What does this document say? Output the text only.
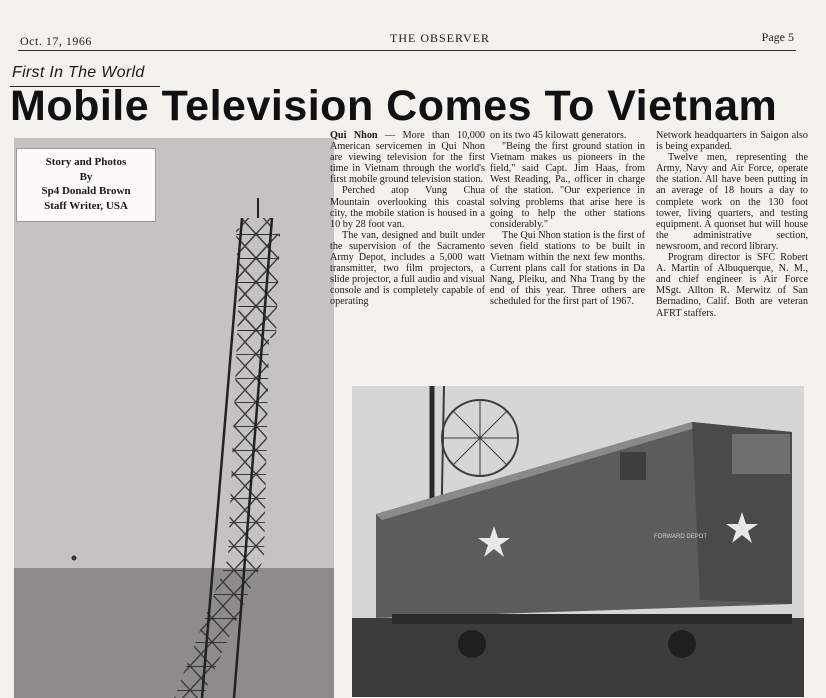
Oct. 17, 1966	THE OBSERVER	Page 5
First In The World
Mobile Television Comes To Vietnam
Story and Photos
By
Sp4 Donald Brown
Staff Writer, USA

Qui Nhon — More than 10,000 American servicemen in Qui Nhon are viewing television for the first time in Vietnam through the world's first mobile ground television station.

Perched atop Vung Chua Mountain overlooking this coastal city, the mobile station is housed in a 10 by 28 foot van.

The van, designed and built under the supervision of the Sacramento Army Depot, includes a 5,000 watt transmitter, two film projectors, a slide projector, a full audio and visual console and is completely capable of operating

on its two 45 kilowatt generators.

"Being the first ground station in Vietnam makes us pioneers in the field," said Capt. Jim Haas, from West Reading, Pa., officer in charge of the station. "Our experience in solving problems that arise here is going to help the other stations considerably."

The Qui Nhon station is the first of seven field stations to be built in Vietnam within the next few months. Current plans call for stations in Da Nang, Pleiku, and Nha Trang by the end of this year. Three others are scheduled for the first part of 1967.

Network headquarters in Saigon also is being expanded.

Twelve men, representing the Army, Navy and Air Force, operate the station. All have been putting in an average of 18 hours a day to complete work on the 130 foot tower, living quarters, and testing equipment. A quonset hut will house the administrative section, newsroom, and record library.

Program director is SFC Robert A. Martin of Albuquerque, N. M., and chief engineer is Air Force MSgt. Allton R. Merwitz of San Bernadino, Calif. Both are veteran AFRT staffers.

FORWARD DEPOT
